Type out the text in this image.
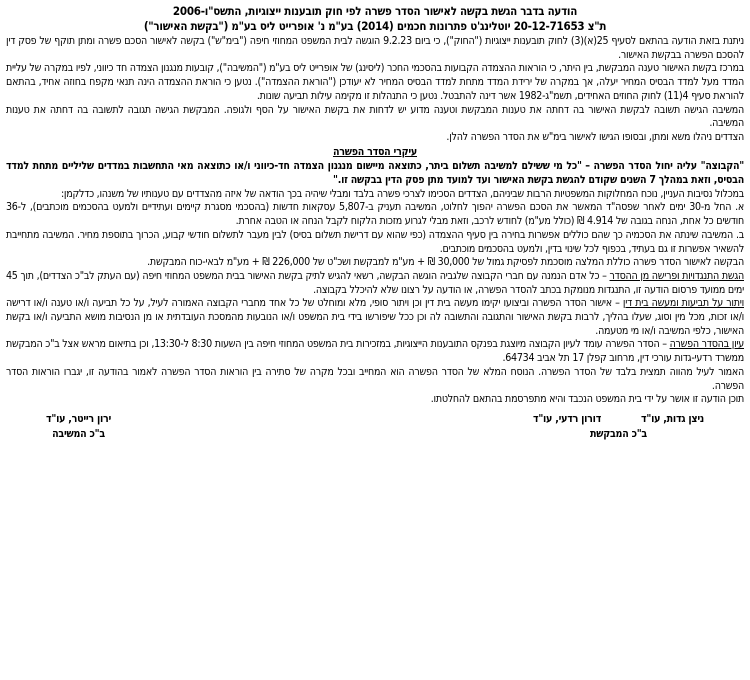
הודעה בדבר הגשת בקשה לאישור הסדר פשרה לפי חוק תובענות ייצוגיות, התשס"ו-2006
ת"צ 20-12-71653 יוטלינג'ט פתרונות חכמים (2014) בע"מ נ' אופרייט ליס בע"מ ("בקשת האישור")

ניתנת בזאת הודעה בהתאם לסעיף 25(א)(3) לחוק תובענות ייצוגיות ("החוק"), כי ביום 9.2.23 הוגשה לבית המשפט המחוזי חיפה ("בימ"ש") בקשה לאישור הסכם פשרה ומתן תוקף של פסק דין להסכם הפשרה בבקשת האישור.

במרכז בקשת האישור טענה המבקשת, בין היתר, כי הוראות ההצמדה הקבועות בהסכמי החכר (ליסינג) של אופרייט ליס בע"מ ("המשיבה"), קובעות מנגנון הצמדה חד כיווני, לפיו במקרה של עליית המדד מעל למדד הבסיס המחיר יעלה, אך במקרה של ירידת המדד מתחת למדד הבסיס המחיר לא יעודכן ("הוראת ההצמדה"). נטען כי הוראת ההצמדה הינה תנאי מקפח בחוזה אחיד, בהתאם להוראת סעיף 4(11) לחוק החוזים האחידים, תשמ"ג-1982 אשר דינה להתבטל. נטען כי התנהלות זו מקימה עילות תביעה שונות.

המשיבה הגישה תשובה לבקשת האישור בה דחתה את טענות המבקשת וטענה מדוע יש לדחות את בקשת האישור על הסף ולגופה. המבקשת הגישה תגובה לתשובה בה דחתה את טענות המשיבה.

הצדדים ניהלו משא ומתן, ובסופו הגישו לאישור בימ"ש את הסדר הפשרה להלן.

עיקרי הסדר הפשרה

"הקבוצה" עליה יחול הסדר הפשרה – "כל מי ששילם למשיבה תשלום ביתר, כתוצאה מיישום מנגנון הצמדה חד-כיווני ו/או כתוצאה מאי התחשבות במדדים שליליים מתחת למדד הבסיס, וזאת במהלך 7 השנים שקודם להגשת בקשת האישור ועד למועד מתן פסק הדין בבקשה זו."

במכלול נסיבות העניין, נוכח המחלוקות המשפטיות הרבות שביניהם, הצדדים הסכימו לצרכי פשרה בלבד ומבלי שיהיה בכך הודאה של איזה מהצדדים עם טענותיו של משנהו, כדלקמן:

א. החל מ-30 ימים לאחר שפסה"ד המאשר את הסכם הפשרה יהפוך לחלוט, המשיבה תעניק ב-5,807 עסקאות חדשות (בהסכמי מסגרת קיימים ועתידיים ולמעט בהסכמים מוכתבים), ל-36 חודשים כל אחת, הנחה בגובה של 4.914 ₪ (כולל מע"מ) לחודש לרכב, וזאת מבלי לגרוע מזכות הלקוח לקבל הנחה או הטבה אחרת.

ב. המשיבה שינתה את הסכמיה כך שהם כוללים אפשרות בחירה בין סעיף ההצמדה (כפי שהוא עם דרישת תשלום בסיס) לבין מעבר לתשלום חודשי קבוע, הכרוך בתוספת מחיר. המשיבה מתחייבת להשאיר אפשרות זו גם בעתיד, בכפוף לכל שינוי בדין, ולמעט בהסכמים מוכתבים.

הבקשה לאישור הסדר פשרה כוללת המלצה מוסכמת לפסיקת גמול של 30,000 ₪ + מע"מ למבקשת ושכ"ט של 226,000 ₪ + מע"מ לבאי-כוח המבקשת.

הגשת התנגדויות ופרישה מן ההסדר – כל אדם הנמנה עם חברי הקבוצה שלגביה הוגשה הבקשה, רשאי להגיש לתיק בקשת האישור בבית המשפט המחוזי חיפה (עם העתק לב"כ הצדדים), תוך 45 ימים ממועד פרסום הודעה זו, התנגדות מנומקת בכתב להסדר הפשרה, או הודעה על רצונו שלא להיכלל בקבוצה.

ויתור על תביעות ומעשה בית דין – אישור הסדר הפשרה וביצועו יקימו מעשה בית דין וכן ויתור סופי, מלא ומוחלט של כל אחד מחברי הקבוצה האמורה לעיל, על כל תביעה ו/או טענה ו/או דרישה ו/או זכות, מכל מין וסוג, שעלו בהליך, לרבות בקשת האישור והתגובה והתשובה לה וכן ככל שיפורשו בידי בית המשפט ו/או הנובעות מהמסכת העובדתית או מן הנסיבות מושא התביעה ו/או בקשת האישור, כלפי המשיבה ו/או מי מטעמה.

עיון בהסדר הפשרה – הסדר הפשרה עומד לעיון הקבוצה מיוצגת בפנקס התובענות הייצוגיות, במזכירות בית המשפט המחוזי חיפה בין השעות 8:30 ל-13:30, וכן בתיאום מראש אצל ב"כ המבקשת ממשרד רדעי-גדות עורכי דין, מרחוב קפלן 17 תל אביב 64734.

האמור לעיל מהווה תמצית בלבד של הסדר הפשרה. הנוסח המלא של הסדר הפשרה הוא המחייב ובכל מקרה של סתירה בין הוראות הסדר הפשרה לאמור בהודעה זו, יגברו הוראות הסדר הפשרה.

תוכן הודעה זו אושר על ידי בית המשפט הנכבד והיא מתפרסמת בהתאם להחלטתו.

ניצן גדות, עו"ד
דורון רדעי, עו"ד
ב"כ המבקשת
ירון רייטר, עו"ד
ב"כ המשיבה
